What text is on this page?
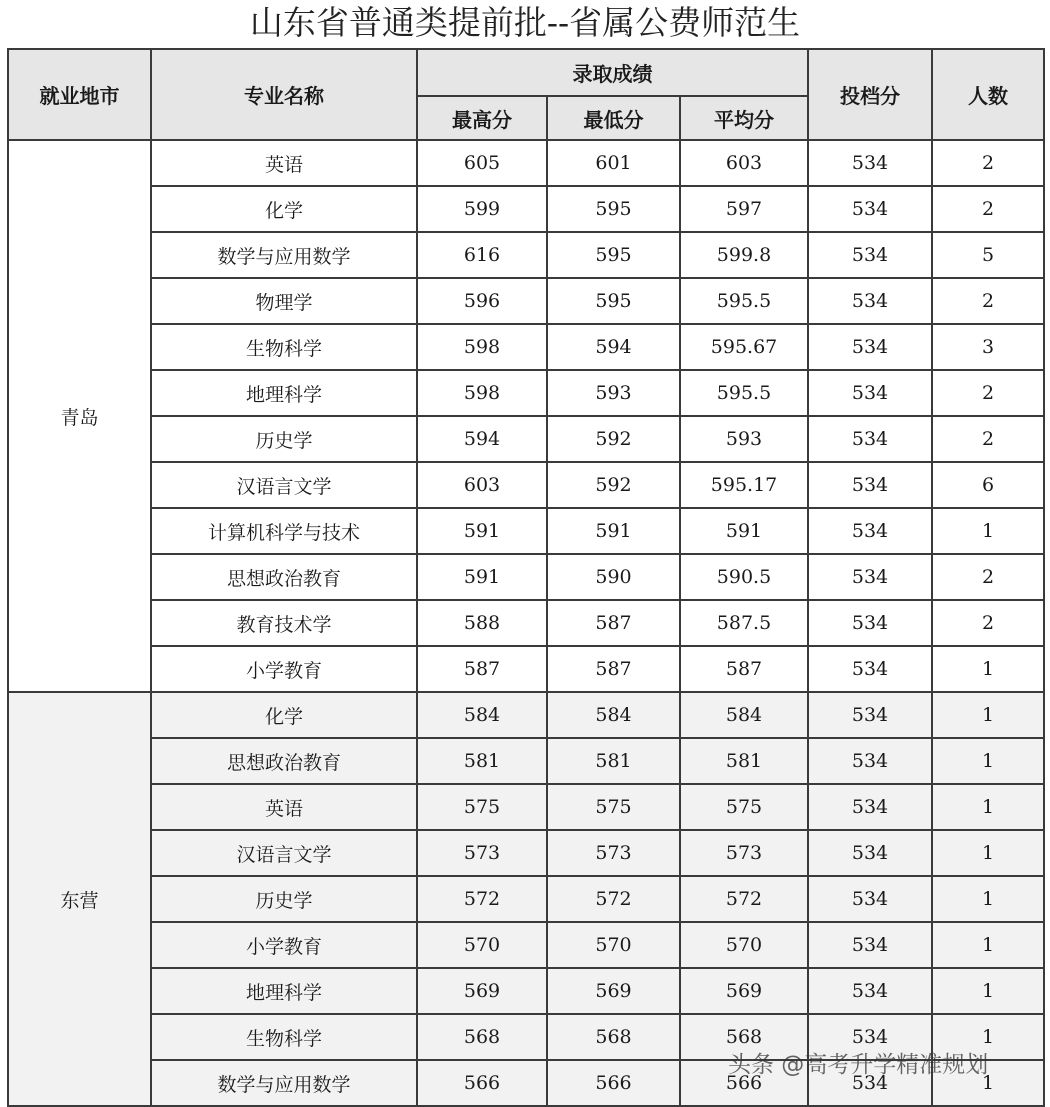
山东省普通类提前批--省属公费师范生
就业地市	专业名称	录取成绩			投档分	人数
		最高分	最低分	平均分		
青岛	英语	605	601	603	534	2
	化学	599	595	597	534	2
	数学与应用数学	616	595	599.8	534	5
	物理学	596	595	595.5	534	2
	生物科学	598	594	595.67	534	3
	地理科学	598	593	595.5	534	2
	历史学	594	592	593	534	2
	汉语言文学	603	592	595.17	534	6
	计算机科学与技术	591	591	591	534	1
	思想政治教育	591	590	590.5	534	2
	教育技术学	588	587	587.5	534	2
	小学教育	587	587	587	534	1
东营	化学	584	584	584	534	1
	思想政治教育	581	581	581	534	1
	英语	575	575	575	534	1
	汉语言文学	573	573	573	534	1
	历史学	572	572	572	534	1
	小学教育	570	570	570	534	1
	地理科学	569	569	569	534	1
	生物科学	568	568	568	534	1
	数学与应用数学	566	566	566	534	1
头条 @高考升学精准规划
